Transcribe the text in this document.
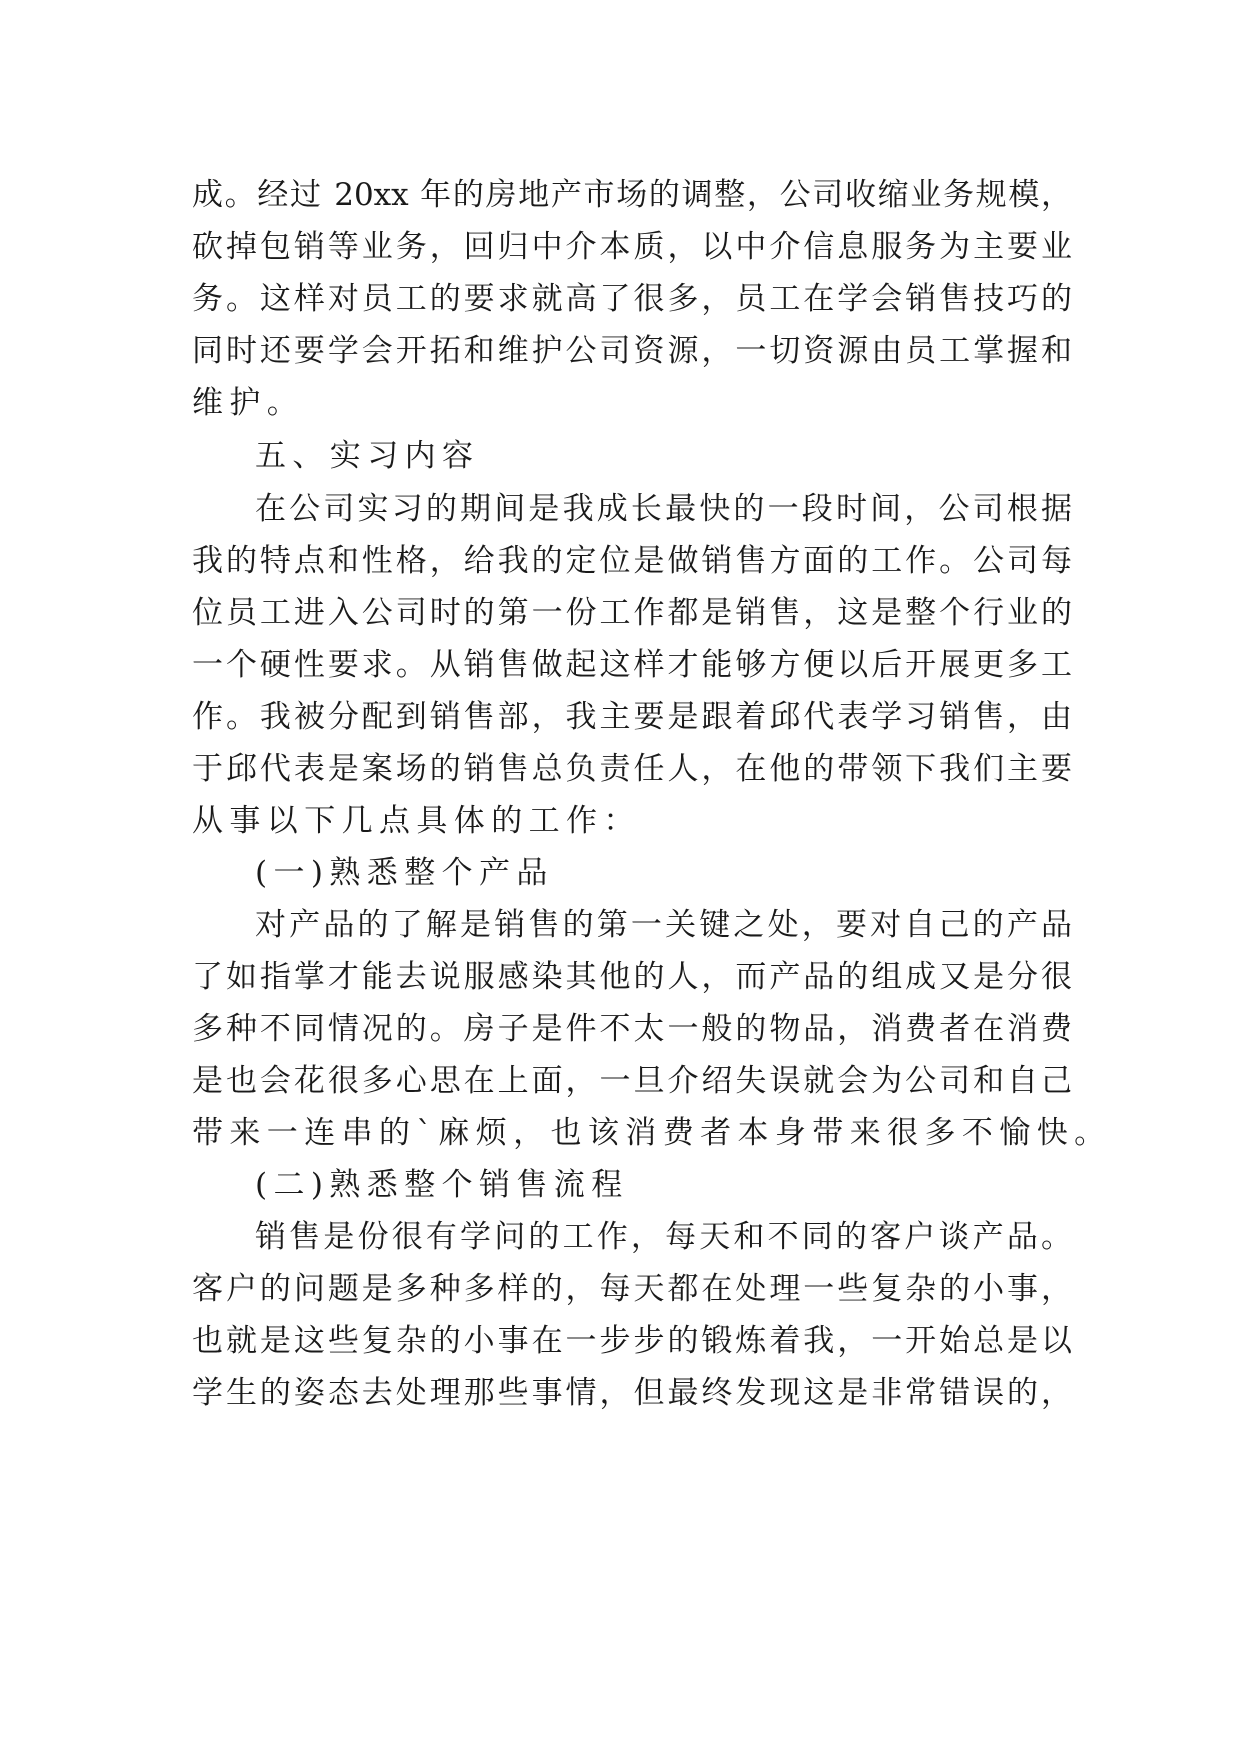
成。经过 20xx 年的房地产市场的调整，公司收缩业务规模，

砍掉包销等业务，回归中介本质，以中介信息服务为主要业

务。这样对员工的要求就高了很多，员工在学会销售技巧的

同时还要学会开拓和维护公司资源，一切资源由员工掌握和

维护。

五、实习内容

在公司实习的期间是我成长最快的一段时间，公司根据

我的特点和性格，给我的定位是做销售方面的工作。公司每

位员工进入公司时的第一份工作都是销售，这是整个行业的

一个硬性要求。从销售做起这样才能够方便以后开展更多工

作。我被分配到销售部，我主要是跟着邱代表学习销售，由

于邱代表是案场的销售总负责任人，在他的带领下我们主要

从事以下几点具体的工作：

(一)熟悉整个产品

对产品的了解是销售的第一关键之处，要对自己的产品

了如指掌才能去说服感染其他的人，而产品的组成又是分很

多种不同情况的。房子是件不太一般的物品，消费者在消费

是也会花很多心思在上面，一旦介绍失误就会为公司和自己

带来一连串的`麻烦，也该消费者本身带来很多不愉快。

(二)熟悉整个销售流程

销售是份很有学问的工作，每天和不同的客户谈产品。

客户的问题是多种多样的，每天都在处理一些复杂的小事，

也就是这些复杂的小事在一步步的锻炼着我，一开始总是以

学生的姿态去处理那些事情，但最终发现这是非常错误的，
